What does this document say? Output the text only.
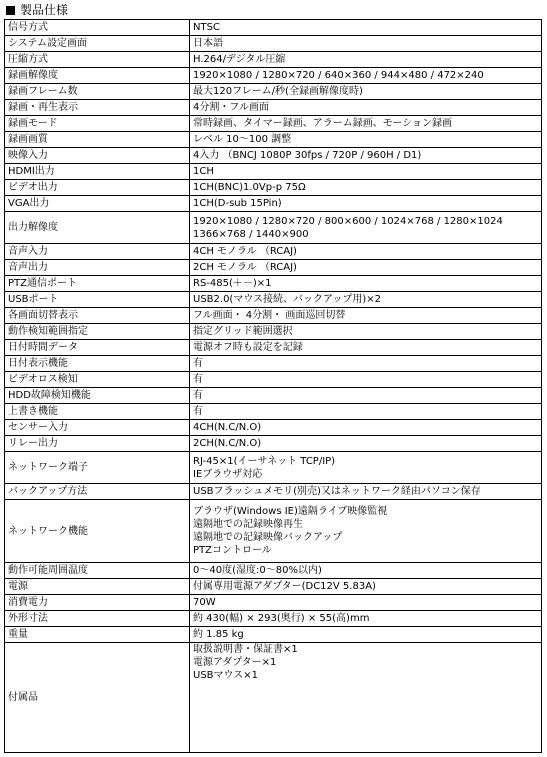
製品仕様
信号方式	NTSC

システム設定画面	日本語

圧縮方式	H.264/デジタル圧縮

録画解像度	1920×1080 / 1280×720 / 640×360 / 944×480 / 472×240

録画フレーム数	最大120フレーム/秒(全録画解像度時)

録画・再生表示	4分割・フル画面

録画モード	常時録画、タイマー録画、アラーム録画、モーション録画

録画画質	レベル 10～100 調整

映像入力	4入力 （BNCJ 1080P 30fps / 720P / 960H / D1)

HDMI出力	1CH

ビデオ出力	1CH(BNC)1.0Vp-p 75Ω

VGA出力	1CH(D-sub 15Pin)

出力解像度	1920×1080 / 1280×720 / 800×600 / 1024×768 / 1280×1024
1366×768 / 1440×900

音声入力	4CH モノラル （RCAJ)

音声出力	2CH モノラル （RCAJ)

PTZ通信ポート	RS-485(＋－)×1

USBポート	USB2.0(マウス接続、バックアップ用)×2

各画面切替表示	フル画面・ 4分割・ 画面巡回切替

動作検知範囲指定	指定グリッド範囲選択

日付時間データ	電源オフ時も設定を記録

日付表示機能	有

ビデオロス検知	有

HDD故障検知機能	有

上書き機能	有

センサー入力	4CH(N.C/N.O)

リレー出力	2CH(N.C/N.O)

ネットワーク端子	RJ-45×1(イーサネット TCP/IP)
IEブラウザ対応

バックアップ方法	USBフラッシュメモリ(別売)又はネットワーク経由パソコン保存

ネットワーク機能	ブラウザ(Windows IE)遠隔ライブ映像監視
遠隔地での記録映像再生
遠隔地での記録映像バックアップ
PTZコントロール

動作可能周囲温度	0～40度(湿度:0～80%以内)

電源	付属専用電源アダプター(DC12V 5.83A)

消費電力	70W

外形寸法	約 430(幅) × 293(奥行) × 55(高)mm

重量	約 1.85 kg

付属品	取扱説明書・保証書×1
電源アダプター×1
USBマウス×1
